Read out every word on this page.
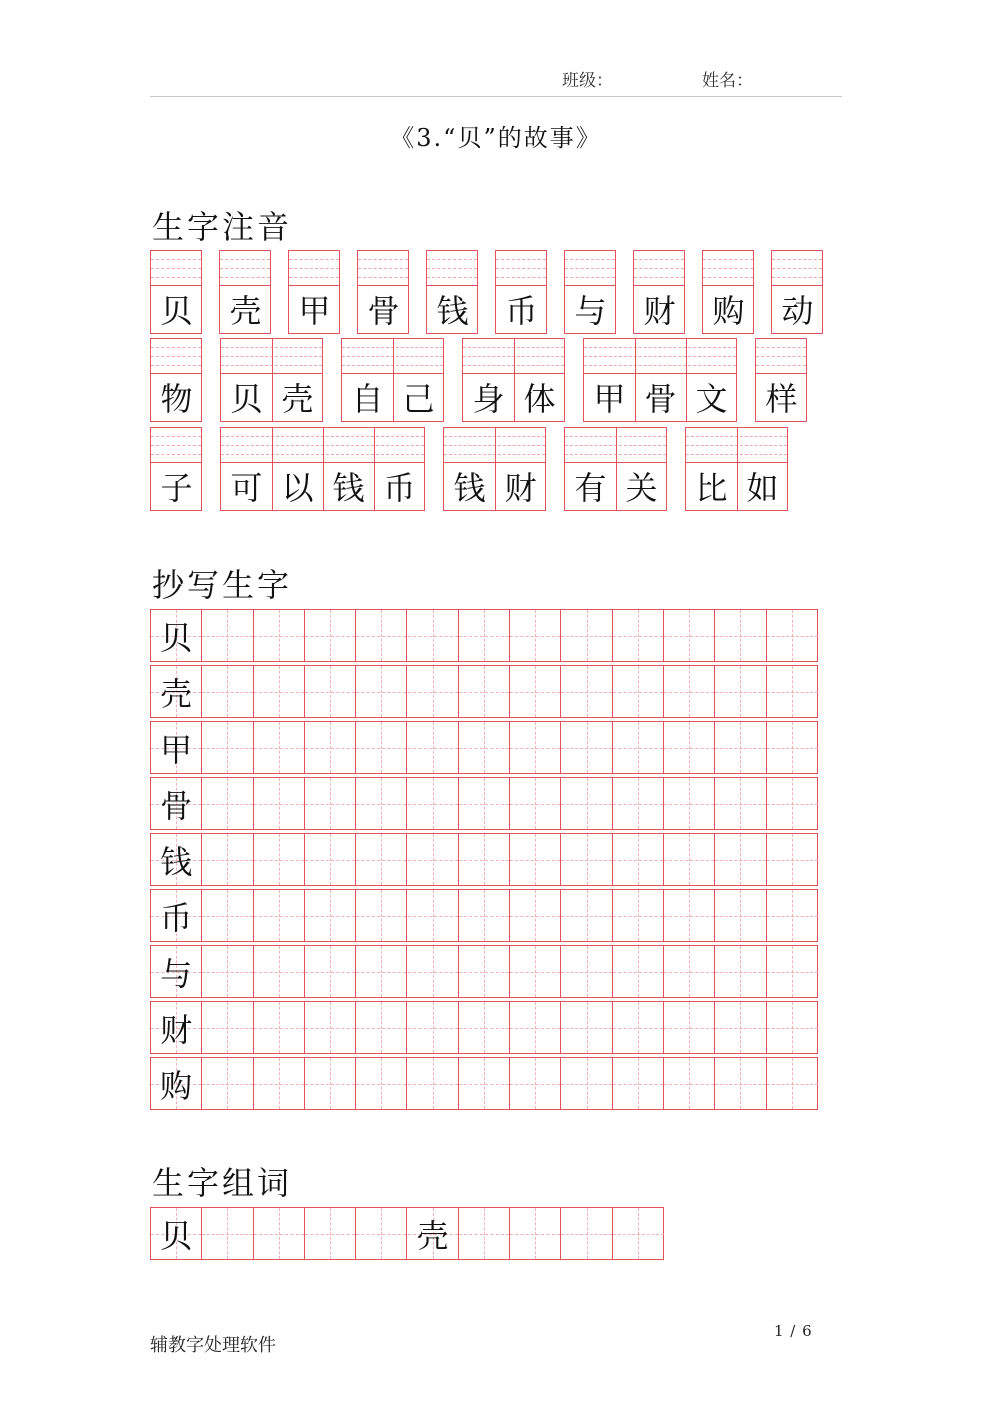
班级：	姓名：
《3.“贝”的故事》
生字注音
贝 壳 甲 骨 钱 币 与 财 购 动
物 贝 壳 自 己 身 体 甲 骨 文 样
子 可 以 钱 币 钱 财 有 关 比 如
抄写生字
贝
壳
甲
骨
钱
币
与
财
购
生字组词
贝	壳
辅教字处理软件
1 / 6
